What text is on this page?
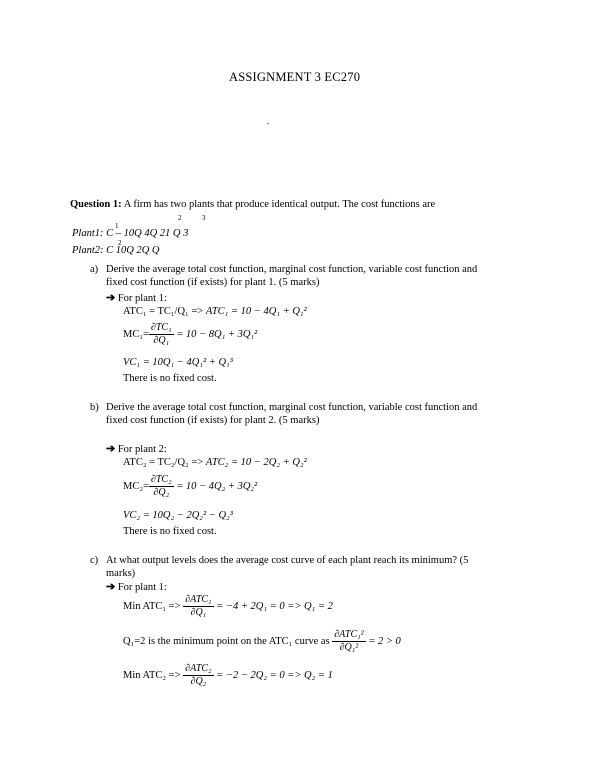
ASSIGNMENT 3 EC270
.
Question 1: A firm has two plants that produce identical output. The cost functions are
1
2	3
Plant1: C – 10Q 4Q 21 Q 3
2
Plant2: C 10Q 2Q Q
a) Derive the average total cost function, marginal cost function, variable cost function and
fixed cost function (if exists) for plant 1. (5 marks)
➔ For plant 1:
ATC₁ = TC₁/Q₁ => ATC₁ = 10 − 4Q₁ + Q₁²
$MC_1= \frac{\text{∂TC₁}}{\text{∂Q₁}} = 10 - 8Q_1 + 3Q_1^2$
VC₁ = 10Q₁ − 4Q₁² + Q₁³
There is no fixed cost.
b) Derive the average total cost function, marginal cost function, variable cost function and
fixed cost function (if exists) for plant 2. (5 marks)
➔ For plant 2:
ATC₂ = TC₂/Q₂ => ATC₂ = 10 − 2Q₂ + Q₂²
$MC_2= \frac{\text{∂TC₂}}{\text{∂Q₂}} = 10 - 4Q_2 + 3Q_2^2$
VC₂ = 10Q₂ − 2Q₂² − Q₂³
There is no fixed cost.
c) At what output levels does the average cost curve of each plant reach its minimum? (5
marks)
➔ For plant 1:
Min $ATC_1 => \frac{\text{∂ATC₁}}{\text{∂Q₁}} = -4 + 2Q_1 = 0 => Q_1 = 2$
Q₁=2 is the minimum point on the ATC₁ curve as $\frac{\text{∂ATC₁²}}{\text{∂Q₁²}} = 2 > 0$
Min $ATC_2 => \frac{\text{∂ATC₂}}{\text{∂Q₂}} = -2 - 2Q_2 = 0 => Q_2 = 1$
